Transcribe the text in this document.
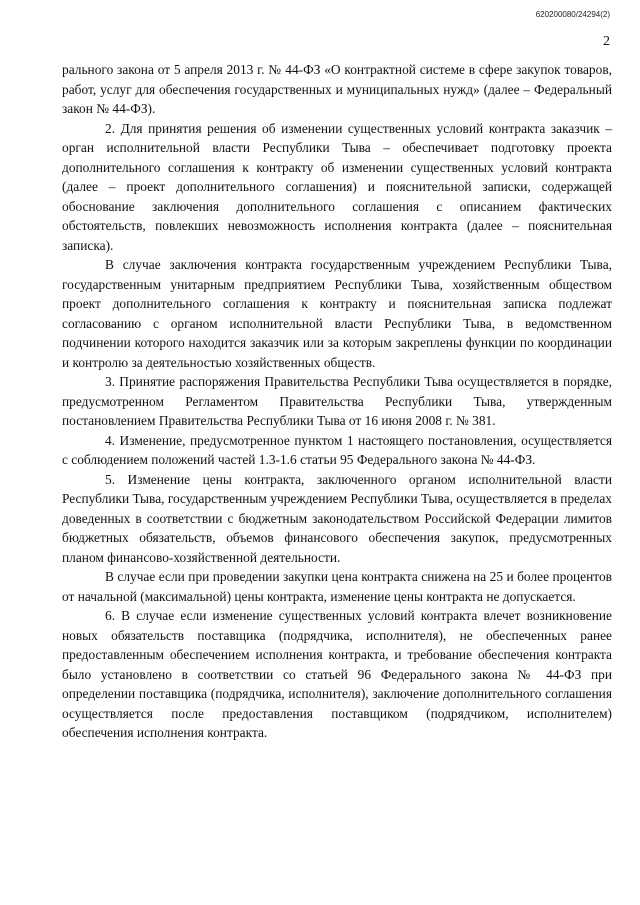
620200080/24294(2)
2

рального закона от 5 апреля 2013 г. № 44-ФЗ «О контрактной системе в сфере закупок товаров, работ, услуг для обеспечения государственных и муниципальных нужд» (далее – Федеральный закон № 44-ФЗ).

2. Для принятия решения об изменении существенных условий контракта заказчик – орган исполнительной власти Республики Тыва – обеспечивает подготовку проекта дополнительного соглашения к контракту об изменении существенных условий контракта (далее – проект дополнительного соглашения) и пояснительной записки, содержащей обоснование заключения дополнительного соглашения с описанием фактических обстоятельств, повлекших невозможность исполнения контракта (далее – пояснительная записка).

В случае заключения контракта государственным учреждением Республики Тыва, государственным унитарным предприятием Республики Тыва, хозяйственным обществом проект дополнительного соглашения к контракту и пояснительная записка подлежат согласованию с органом исполнительной власти Республики Тыва, в ведомственном подчинении которого находится заказчик или за которым закреплены функции по координации и контролю за деятельностью хозяйственных обществ.

3. Принятие распоряжения Правительства Республики Тыва осуществляется в порядке, предусмотренном Регламентом Правительства Республики Тыва, утвержденным постановлением Правительства Республики Тыва от 16 июня 2008 г. № 381.

4. Изменение, предусмотренное пунктом 1 настоящего постановления, осуществляется с соблюдением положений частей 1.3-1.6 статьи 95 Федерального закона № 44-ФЗ.

5. Изменение цены контракта, заключенного органом исполнительной власти Республики Тыва, государственным учреждением Республики Тыва, осуществляется в пределах доведенных в соответствии с бюджетным законодательством Российской Федерации лимитов бюджетных обязательств, объемов финансового обеспечения закупок, предусмотренных планом финансово-хозяйственной деятельности.

В случае если при проведении закупки цена контракта снижена на 25 и более процентов от начальной (максимальной) цены контракта, изменение цены контракта не допускается.

6. В случае если изменение существенных условий контракта влечет возникновение новых обязательств поставщика (подрядчика, исполнителя), не обеспеченных ранее предоставленным обеспечением исполнения контракта, и требование обеспечения контракта было установлено в соответствии со статьей 96 Федерального закона № 44-ФЗ при определении поставщика (подрядчика, исполнителя), заключение дополнительного соглашения осуществляется после предоставления поставщиком (подрядчиком, исполнителем) обеспечения исполнения контракта.
